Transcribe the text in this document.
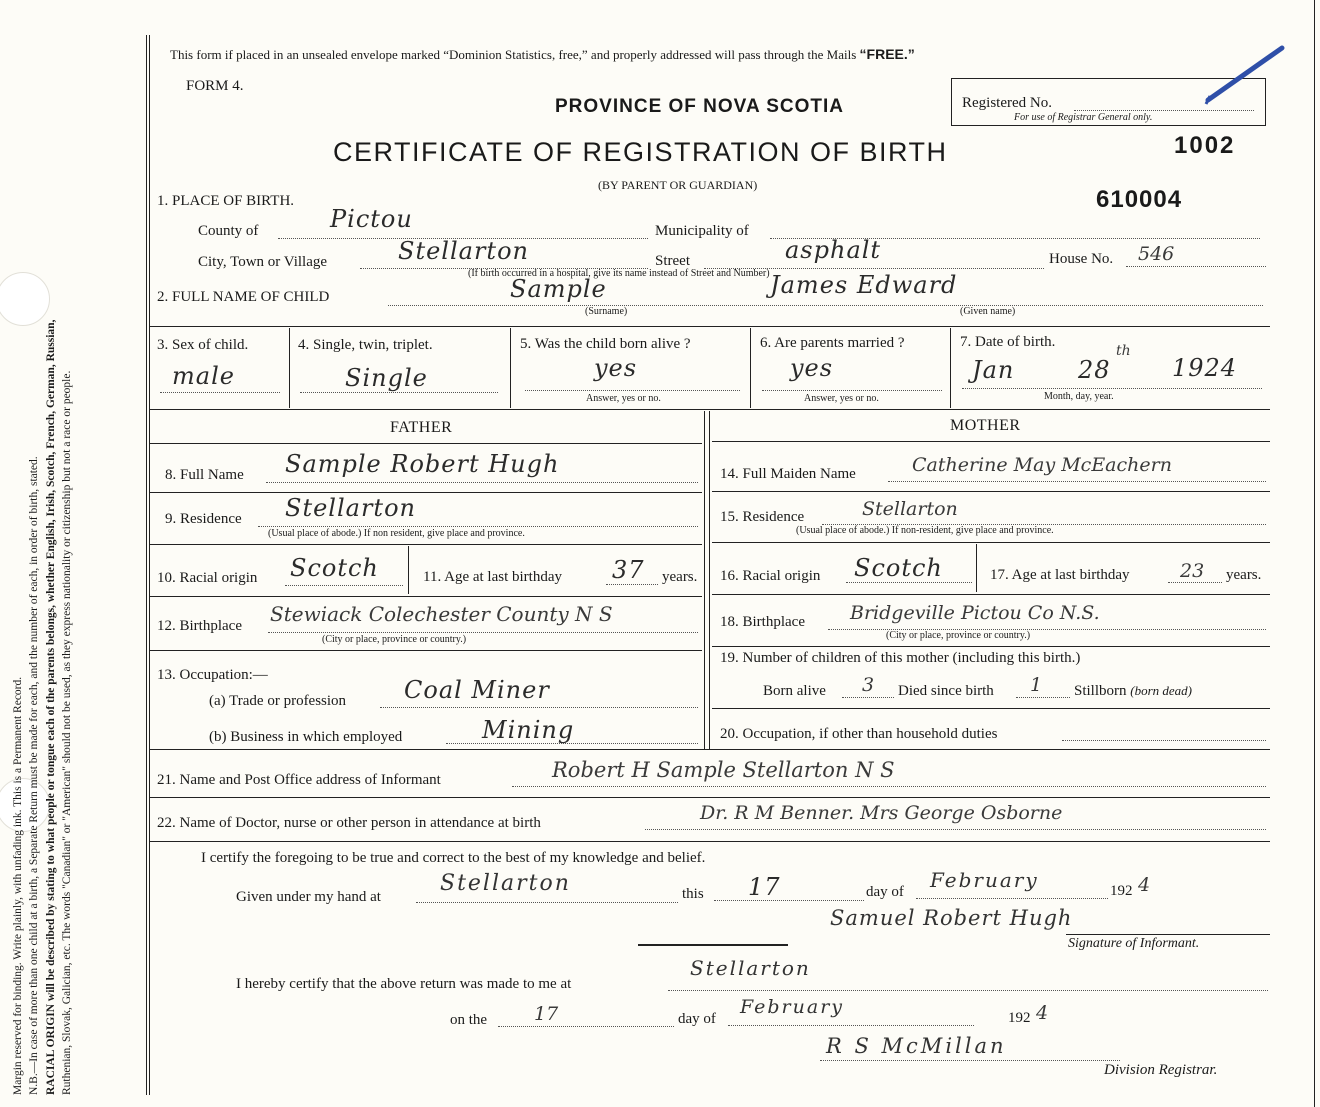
Margin reserved for binding. Write plainly, with unfading ink. This is a Permanent Record. N.B.—In case of more than one child at a birth, a Separate Return must be made for each, and the number of each, in order of birth, stated. RACIAL ORIGIN will be described by stating to what people or tongue each of the parents belongs, whether English, Irish, Scotch, French, German, Russian, Ruthenian, Slovak, Galician, etc. The words "Canadian" or "American" should not be used, as they express nationality or citizenship but not a race or people.
This form if placed in an unsealed envelope marked “Dominion Statistics, free,” and properly addressed will pass through the Mails “FREE.”
FORM 4.
PROVINCE OF NOVA SCOTIA	Registered No.
For use of Registrar General only.
CERTIFICATE OF REGISTRATION OF BIRTH	1002
(BY PARENT OR GUARDIAN)
610004
1. PLACE OF BIRTH.
County of	Pictou	Municipality of
City, Town or Village	Stellarton	Street	asphalt	House No. 546
(If birth occurred in a hospital, give its name instead of Street and Number)
2. FULL NAME OF CHILD	Sample
(Surname)
James Edward
(Given name)
3. Sex of child.
male
4. Single, twin, triplet.
Single
5. Was the child born alive ?
yes
Answer, yes or no.
6. Are parents married ?
yes
Answer, yes or no.
7. Date of birth.
Jan	28
th
1924
Month, day, year.
FATHER
8. Full Name Sample Robert Hugh
9. Residence Stellarton
(Usual place of abode.) If non resident, give place and province.
10. Racial origin Scotch	11. Age at last birthday 37 years.
12. Birthplace Stewiack Colechester County N S
(City or place, province or country.)
13. Occupation:—
(a) Trade or profession Coal Miner
(b) Business in which employed	Mining
MOTHER
14. Full Maiden Name	Catherine May McEachern
15. Residence	Stellarton
(Usual place of abode.) If non-resident, give place and province.
16. Racial origin Scotch	17. Age at last birthday	23 years.
18. Birthplace Bridgeville Pictou Co N.S.
(City or place, province or country.)
19. Number of children of this mother (including this birth.)
Born alive 3 Died since birth 1 Stillborn (born dead)
20. Occupation, if other than household duties
21. Name and Post Office address of Informant	Robert H Sample Stellarton N S
22. Name of Doctor, nurse or other person in attendance at birth	Dr. R M Benner. Mrs George Osborne
I certify the foregoing to be true and correct to the best of my knowledge and belief.
Given under my hand at
Stellarton	this 17	day of February	192 4
Samuel Robert Hugh
Signature of Informant.
I hereby certify that the above return was made to me at
Stellarton
on the 17	day of
February	192 4
R S McMillan
Division Registrar.
